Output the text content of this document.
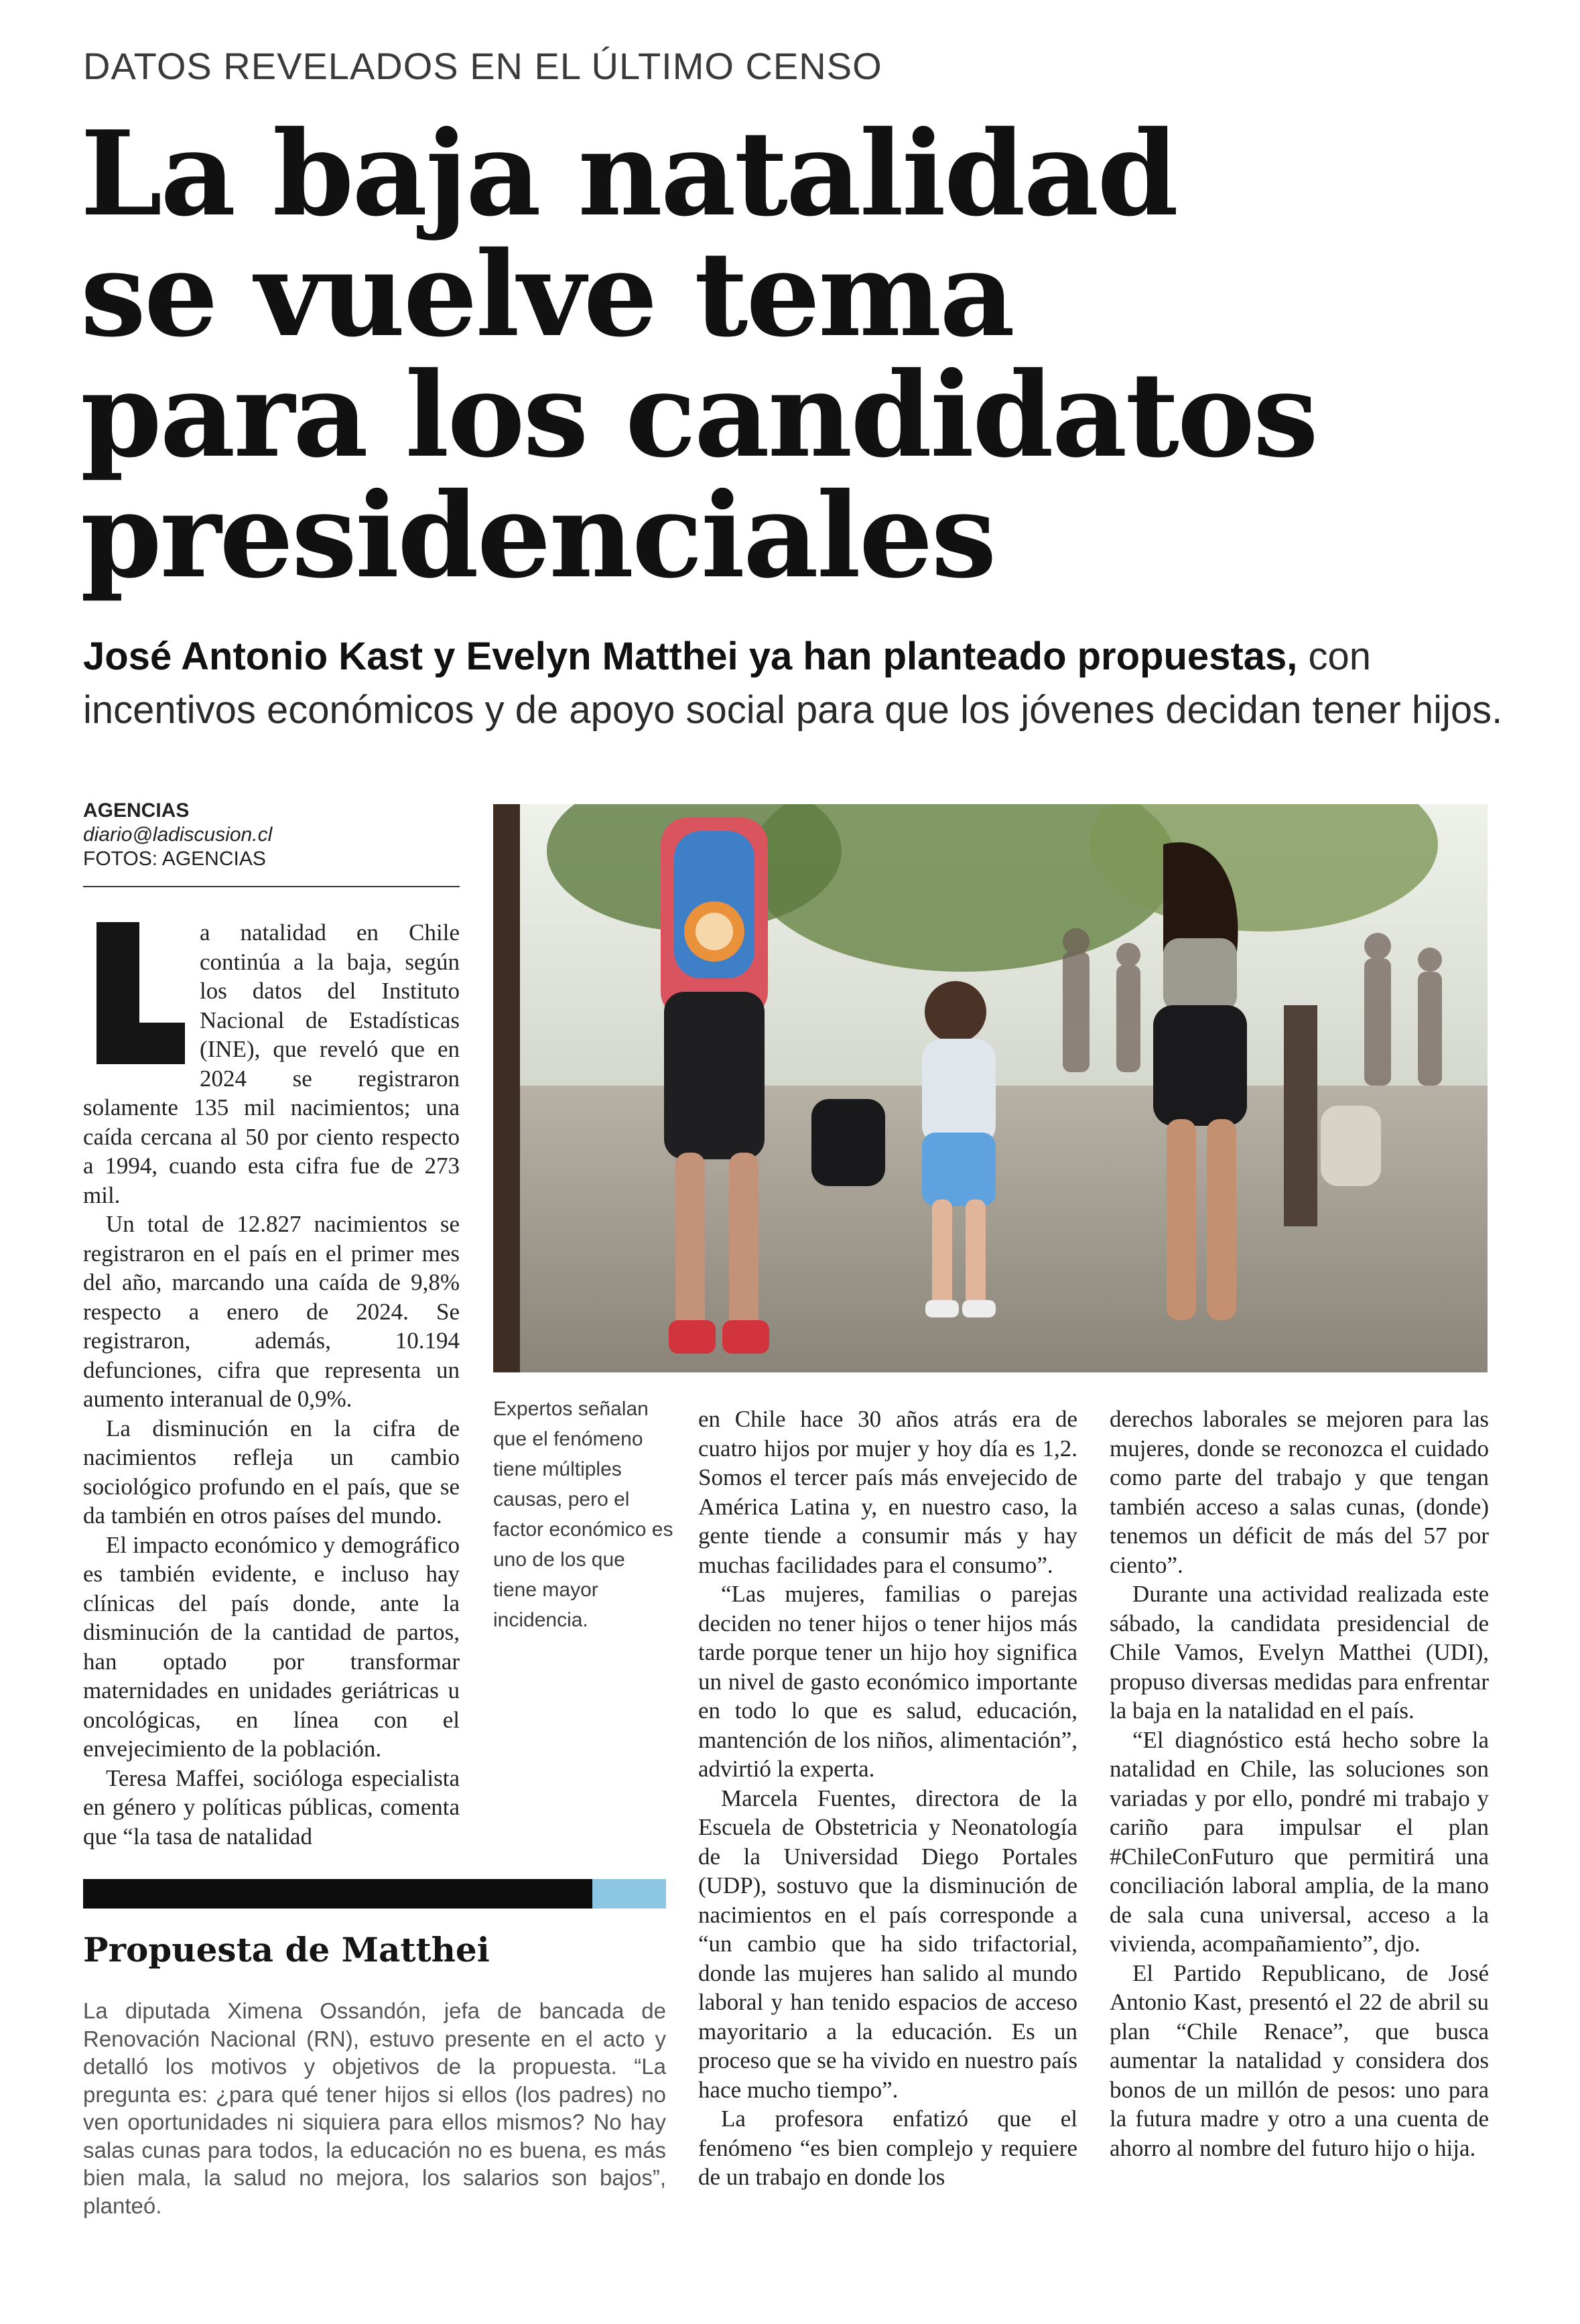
DATOS REVELADOS EN EL ÚLTIMO CENSO
La baja natalidad
se vuelve tema
para los candidatos
presidenciales
José Antonio Kast y Evelyn Matthei ya han planteado propuestas, con incentivos económicos y de apoyo social para que los jóvenes decidan tener hijos.
AGENCIAS
diario@ladiscusion.cl
FOTOS: AGENCIAS
Expertos señalan que el fenómeno tiene múltiples causas, pero el factor económico es uno de los que tiene mayor incidencia.

a natalidad en Chile continúa a la baja, según los datos del Instituto Nacional de Estadísticas (INE), que reveló que en 2024 se registraron solamente 135 mil nacimientos; una caída cercana al 50 por ciento respecto a 1994, cuando esta cifra fue de 273 mil.

Un total de 12.827 nacimientos se registraron en el país en el primer mes del año, marcando una caída de 9,8% respecto a enero de 2024. Se registraron, además, 10.194 defunciones, cifra que representa un aumento interanual de 0,9%.

La disminución en la cifra de nacimientos refleja un cambio sociológico profundo en el país, que se da también en otros países del mundo.

El impacto económico y demográfico es también evidente, e incluso hay clínicas del país donde, ante la disminución de la cantidad de partos, han optado por transformar maternidades en unidades geriátricas u oncológicas, en línea con el envejecimiento de la población.

Teresa Maffei, socióloga especialista en género y políticas públicas, comenta que “la tasa de natalidad

en Chile hace 30 años atrás era de cuatro hijos por mujer y hoy día es 1,2. Somos el tercer país más envejecido de América Latina y, en nuestro caso, la gente tiende a consumir más y hay muchas facilidades para el consumo”.

“Las mujeres, familias o parejas deciden no tener hijos o tener hijos más tarde porque tener un hijo hoy significa un nivel de gasto económico importante en todo lo que es salud, educación, mantención de los niños, alimentación”, advirtió la experta.

Marcela Fuentes, directora de la Escuela de Obstetricia y Neonatología de la Universidad Diego Portales (UDP), sostuvo que la disminución de nacimientos en el país corresponde a “un cambio que ha sido trifactorial, donde las mujeres han salido al mundo laboral y han tenido espacios de acceso mayoritario a la educación. Es un proceso que se ha vivido en nuestro país hace mucho tiempo”.

La profesora enfatizó que el fenómeno “es bien complejo y requiere de un trabajo en donde los

derechos laborales se mejoren para las mujeres, donde se reconozca el cuidado como parte del trabajo y que tengan también acceso a salas cunas, (donde) tenemos un déficit de más del 57 por ciento”.

Durante una actividad realizada este sábado, la candidata presidencial de Chile Vamos, Evelyn Matthei (UDI), propuso diversas medidas para enfrentar la baja en la natalidad en el país.

“El diagnóstico está hecho sobre la natalidad en Chile, las soluciones son variadas y por ello, pondré mi trabajo y cariño para impulsar el plan #ChileConFuturo que permitirá una conciliación laboral amplia, de la mano de sala cuna universal, acceso a la vivienda, acompañamiento”, djo.

El Partido Republicano, de José Antonio Kast, presentó el 22 de abril su plan “Chile Renace”, que busca aumentar la natalidad y considera dos bonos de un millón de pesos: uno para la futura madre y otro a una cuenta de ahorro al nombre del futuro hijo o hija.

Propuesta de Matthei
La diputada Ximena Ossandón, jefa de bancada de Renovación Nacional (RN), estuvo presente en el acto y detalló los motivos y objetivos de la propuesta. “La pregunta es: ¿para qué tener hijos si ellos (los padres) no ven oportunidades ni siquiera para ellos mismos? No hay salas cunas para todos, la educación no es buena, es más bien mala, la salud no mejora, los salarios son bajos”, planteó.
